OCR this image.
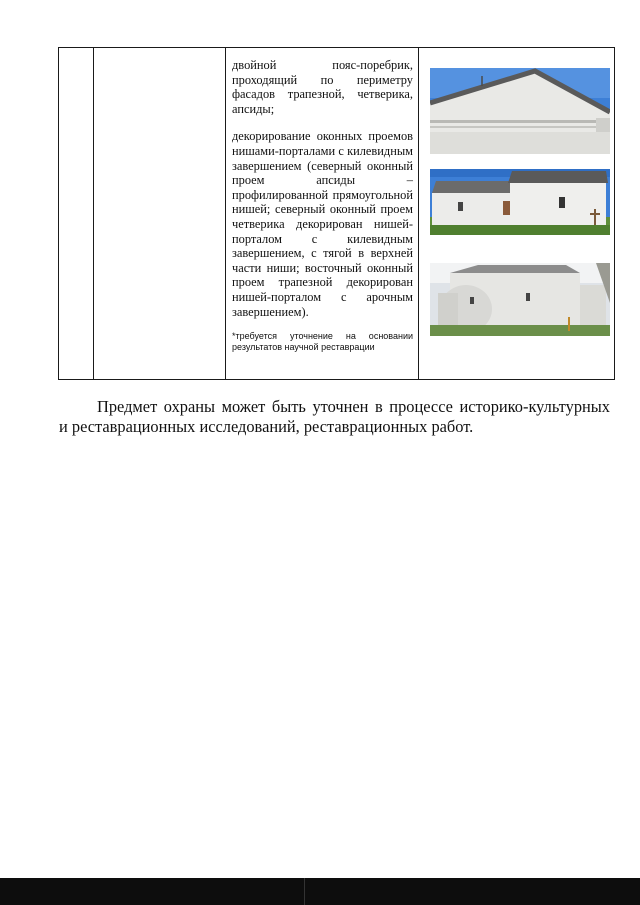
двойной пояс-поребрик, проходящий по периметру фасадов трапезной, четверика, апсиды;

декорирование оконных проемов нишами-порталами с килевидным завершением (северный оконный проем апсиды – профилированной прямоугольной нишей; северный оконный проем четверика декорирован нишей-порталом с килевидным завершением, с тягой в верхней части ниши; восточный оконный проем трапезной декорирован нишей-порталом с арочным завершением).

*требуется уточнение на основании результатов научной реставрации

Предмет охраны может быть уточнен в процессе историко-культурных
и реставрационных исследований, реставрационных работ.
